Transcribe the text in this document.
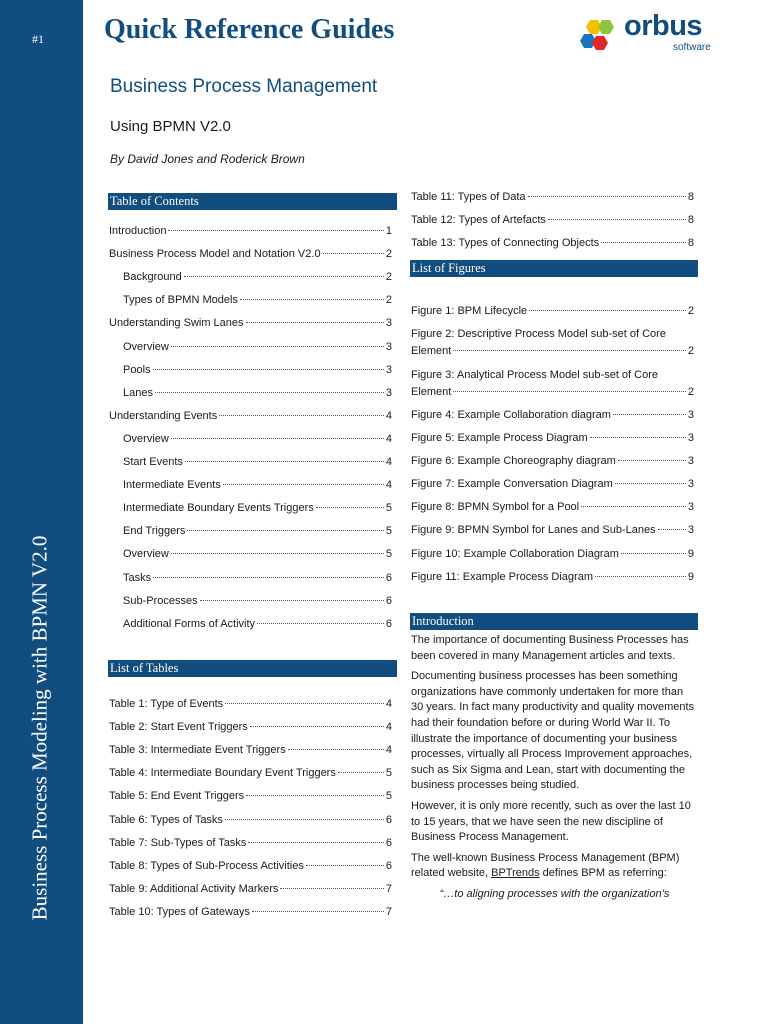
#1
Business Process Modeling with BPMN V2.0
Quick Reference Guides	orbus
software
Business Process Management
Using BPMN V2.0
By David Jones and Roderick Brown
Table of Contents
Introduction	1
Business Process Model and Notation V2.0	2
Background	2
Types of BPMN Models	2
Understanding Swim Lanes	3
Overview	3
Pools	3
Lanes	3
Understanding Events	4
Overview	4
Start Events	4
Intermediate Events	4
Intermediate Boundary Events Triggers	5
End Triggers	5
Overview	5
Tasks	6
Sub-Processes	6
Additional Forms of Activity	6
List of Tables
Table 1: Type of Events	4
Table 2: Start Event Triggers	4
Table 3: Intermediate Event Triggers	4
Table 4: Intermediate Boundary Event Triggers	5
Table 5: End Event Triggers	5
Table 6: Types of Tasks	6
Table 7: Sub-Types of Tasks	6
Table 8: Types of Sub-Process Activities	6
Table 9: Additional Activity Markers	7
Table 10: Types of Gateways	7
Table 11: Types of Data	8
Table 12: Types of Artefacts	8
Table 13: Types of Connecting Objects	8
List of Figures
Figure 1: BPM Lifecycle	2
Figure 2: Descriptive Process Model sub-set of Core
Element	2
Figure 3: Analytical Process Model sub-set of Core
Element	2
Figure 4: Example Collaboration diagram	3
Figure 5: Example Process Diagram	3
Figure 6: Example Choreography diagram	3
Figure 7: Example Conversation Diagram	3
Figure 8: BPMN Symbol for a Pool	3
Figure 9: BPMN Symbol for Lanes and Sub-Lanes	3
Figure 10: Example Collaboration Diagram	9
Figure 11: Example Process Diagram	9
Introduction

The importance of documenting Business Processes has been covered in many Management articles and texts.

Documenting business processes has been something organizations have commonly undertaken for more than 30 years. In fact many productivity and quality movements had their foundation before or during World War II. To illustrate the importance of documenting your business processes, virtually all Process Improvement approaches, such as Six Sigma and Lean, start with documenting the business processes being studied.

However, it is only more recently, such as over the last 10 to 15 years, that we have seen the new discipline of Business Process Management.

The well-known Business Process Management (BPM) related website, BPTrends defines BPM as referring:

“…to aligning processes with the organization’s
